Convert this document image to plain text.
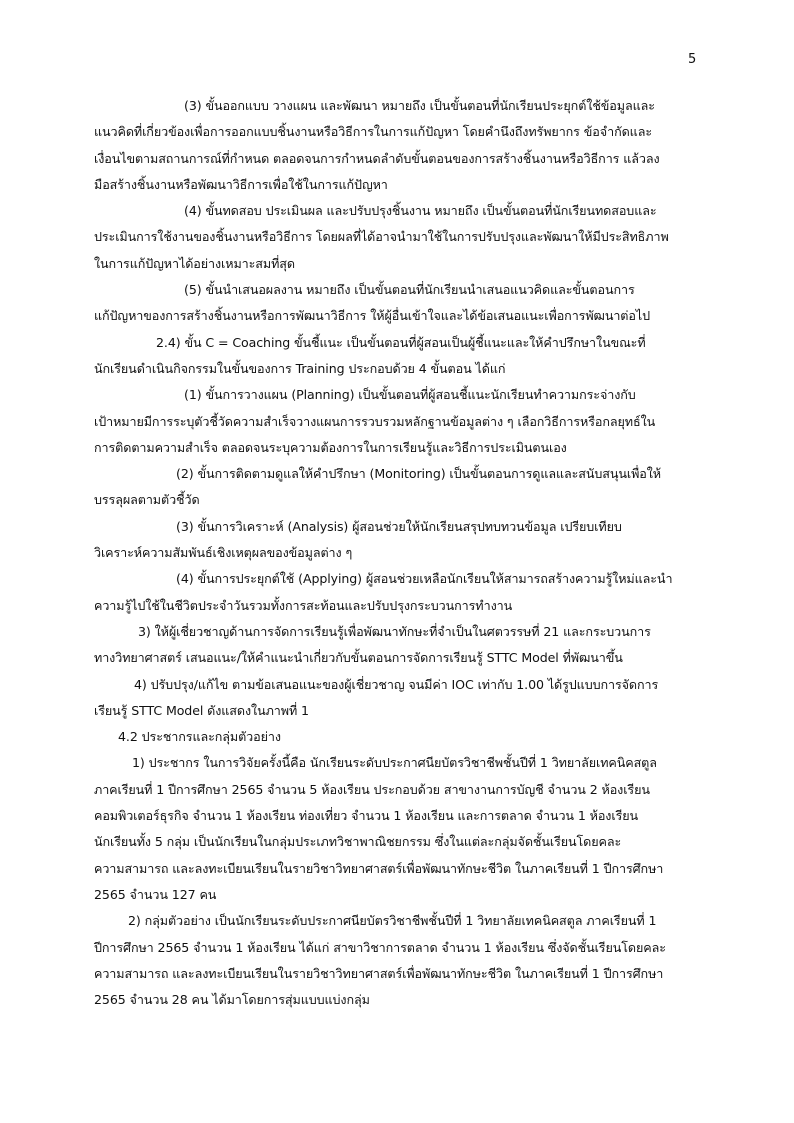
5

(3) ขั้นออกแบบ วางแผน และพัฒนา หมายถึง เป็นขั้นตอนที่นักเรียนประยุกต์ใช้ข้อมูลและ
แนวคิดที่เกี่ยวข้องเพื่อการออกแบบชิ้นงานหรือวิธีการในการแก้ปัญหา โดยคำนึงถึงทรัพยากร ข้อจำกัดและ
เงื่อนไขตามสถานการณ์ที่กำหนด ตลอดจนการกำหนดลำดับขั้นตอนของการสร้างชิ้นงานหรือวิธีการ แล้วลง
มือสร้างชิ้นงานหรือพัฒนาวิธีการเพื่อใช้ในการแก้ปัญหา

(4) ขั้นทดสอบ ประเมินผล และปรับปรุงชิ้นงาน หมายถึง เป็นขั้นตอนที่นักเรียนทดสอบและ
ประเมินการใช้งานของชิ้นงานหรือวิธีการ โดยผลที่ได้อาจนำมาใช้ในการปรับปรุงและพัฒนาให้มีประสิทธิภาพ
ในการแก้ปัญหาได้อย่างเหมาะสมที่สุด

(5) ขั้นนำเสนอผลงาน หมายถึง เป็นขั้นตอนที่นักเรียนนำเสนอแนวคิดและขั้นตอนการ
แก้ปัญหาของการสร้างชิ้นงานหรือการพัฒนาวิธีการ ให้ผู้อื่นเข้าใจและได้ข้อเสนอแนะเพื่อการพัฒนาต่อไป

2.4) ขั้น C = Coaching ขั้นชี้แนะ เป็นขั้นตอนที่ผู้สอนเป็นผู้ชี้แนะและให้คำปรึกษาในขณะที่
นักเรียนดำเนินกิจกรรมในขั้นของการ Training ประกอบด้วย 4 ขั้นตอน ได้แก่

(1) ขั้นการวางแผน (Planning) เป็นขั้นตอนที่ผู้สอนชี้แนะนักเรียนทำความกระจ่างกับ
เป้าหมายมีการระบุตัวชี้วัดความสำเร็จวางแผนการรวบรวมหลักฐานข้อมูลต่าง ๆ เลือกวิธีการหรือกลยุทธ์ใน
การติดตามความสำเร็จ ตลอดจนระบุความต้องการในการเรียนรู้และวิธีการประเมินตนเอง

(2) ขั้นการติดตามดูแลให้คำปรึกษา (Monitoring) เป็นขั้นตอนการดูแลและสนับสนุนเพื่อให้
บรรลุผลตามตัวชี้วัด

(3) ขั้นการวิเคราะห์ (Analysis) ผู้สอนช่วยให้นักเรียนสรุปทบทวนข้อมูล เปรียบเทียบ
วิเคราะห์ความสัมพันธ์เชิงเหตุผลของข้อมูลต่าง ๆ

(4) ขั้นการประยุกต์ใช้ (Applying) ผู้สอนช่วยเหลือนักเรียนให้สามารถสร้างความรู้ใหม่และนำ
ความรู้ไปใช้ในชีวิตประจำวันรวมทั้งการสะท้อนและปรับปรุงกระบวนการทำงาน

3) ให้ผู้เชี่ยวชาญด้านการจัดการเรียนรู้เพื่อพัฒนาทักษะที่จำเป็นในศตวรรษที่ 21 และกระบวนการ
ทางวิทยาศาสตร์ เสนอแนะ/ให้คำแนะนำเกี่ยวกับขั้นตอนการจัดการเรียนรู้ STTC Model ที่พัฒนาขึ้น

4) ปรับปรุง/แก้ไข ตามข้อเสนอแนะของผู้เชี่ยวชาญ จนมีค่า IOC เท่ากับ 1.00 ได้รูปแบบการจัดการ
เรียนรู้ STTC Model ดังแสดงในภาพที่ 1

4.2 ประชากรและกลุ่มตัวอย่าง

1) ประชากร ในการวิจัยครั้งนี้คือ นักเรียนระดับประกาศนียบัตรวิชาชีพชั้นปีที่ 1 วิทยาลัยเทคนิคสตูล
ภาคเรียนที่ 1 ปีการศึกษา 2565 จำนวน 5 ห้องเรียน ประกอบด้วย สาขางานการบัญชี จำนวน 2 ห้องเรียน
คอมพิวเตอร์ธุรกิจ จำนวน 1 ห้องเรียน ท่องเที่ยว จำนวน 1 ห้องเรียน และการตลาด จำนวน 1 ห้องเรียน
นักเรียนทั้ง 5 กลุ่ม เป็นนักเรียนในกลุ่มประเภทวิชาพาณิชยกรรม ซึ่งในแต่ละกลุ่มจัดชั้นเรียนโดยคละ
ความสามารถ และลงทะเบียนเรียนในรายวิชาวิทยาศาสตร์เพื่อพัฒนาทักษะชีวิต ในภาคเรียนที่ 1 ปีการศึกษา
2565 จำนวน 127 คน

2) กลุ่มตัวอย่าง เป็นนักเรียนระดับประกาศนียบัตรวิชาชีพชั้นปีที่ 1 วิทยาลัยเทคนิคสตูล ภาคเรียนที่ 1
ปีการศึกษา 2565 จำนวน 1 ห้องเรียน ได้แก่ สาขาวิชาการตลาด จำนวน 1 ห้องเรียน ซึ่งจัดชั้นเรียนโดยคละ
ความสามารถ และลงทะเบียนเรียนในรายวิชาวิทยาศาสตร์เพื่อพัฒนาทักษะชีวิต ในภาคเรียนที่ 1 ปีการศึกษา
2565 จำนวน 28 คน ได้มาโดยการสุ่มแบบแบ่งกลุ่ม
